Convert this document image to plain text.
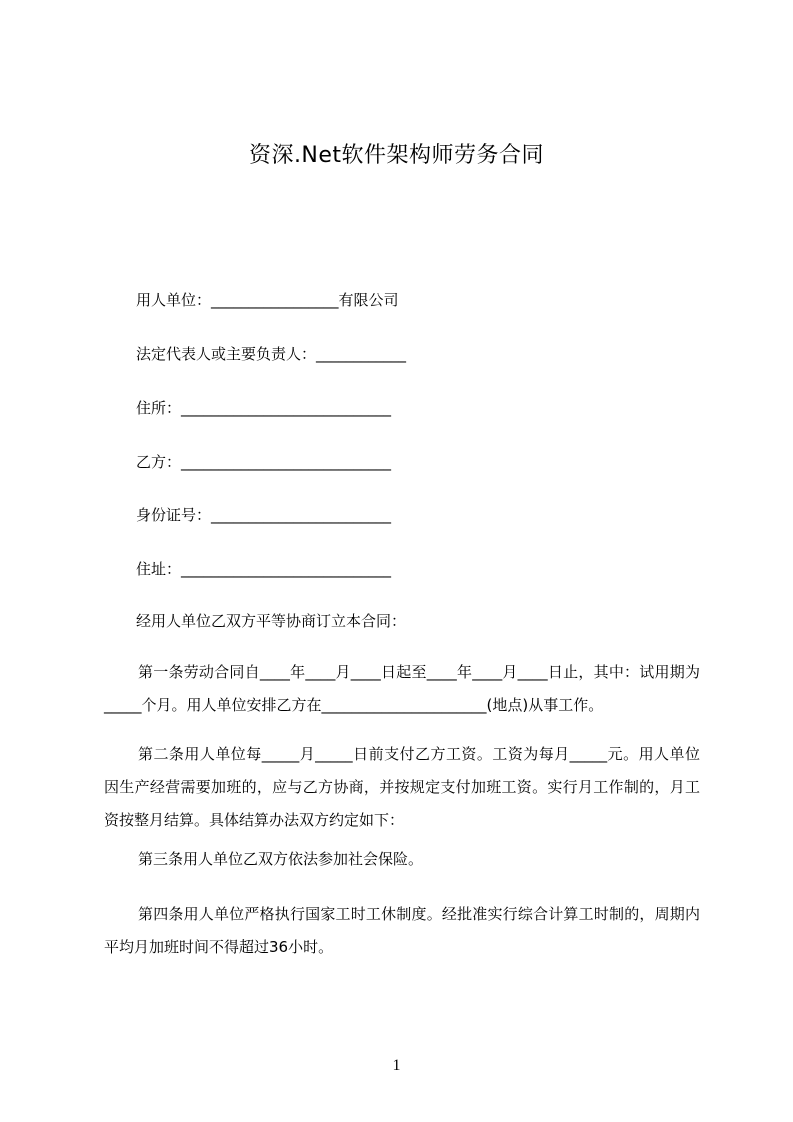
资深.Net软件架构师劳务合同
用人单位：_________________有限公司
法定代表人或主要负责人：____________
住所：____________________________
乙方：____________________________
身份证号：________________________
住址：____________________________
经用人单位乙双方平等协商订立本合同：
第一条劳动合同自____年____月____日起至____年____月____日止，其中：试用期为_____个月。用人单位安排乙方在______________________(地点)从事工作。
第二条用人单位每_____月_____日前支付乙方工资。工资为每月_____元。用人单位因生产经营需要加班的，应与乙方协商，并按规定支付加班工资。实行月工作制的，月工资按整月结算。具体结算办法双方约定如下：
第三条用人单位乙双方依法参加社会保险。
第四条用人单位严格执行国家工时工休制度。经批准实行综合计算工时制的，周期内平均月加班时间不得超过36小时。
1
